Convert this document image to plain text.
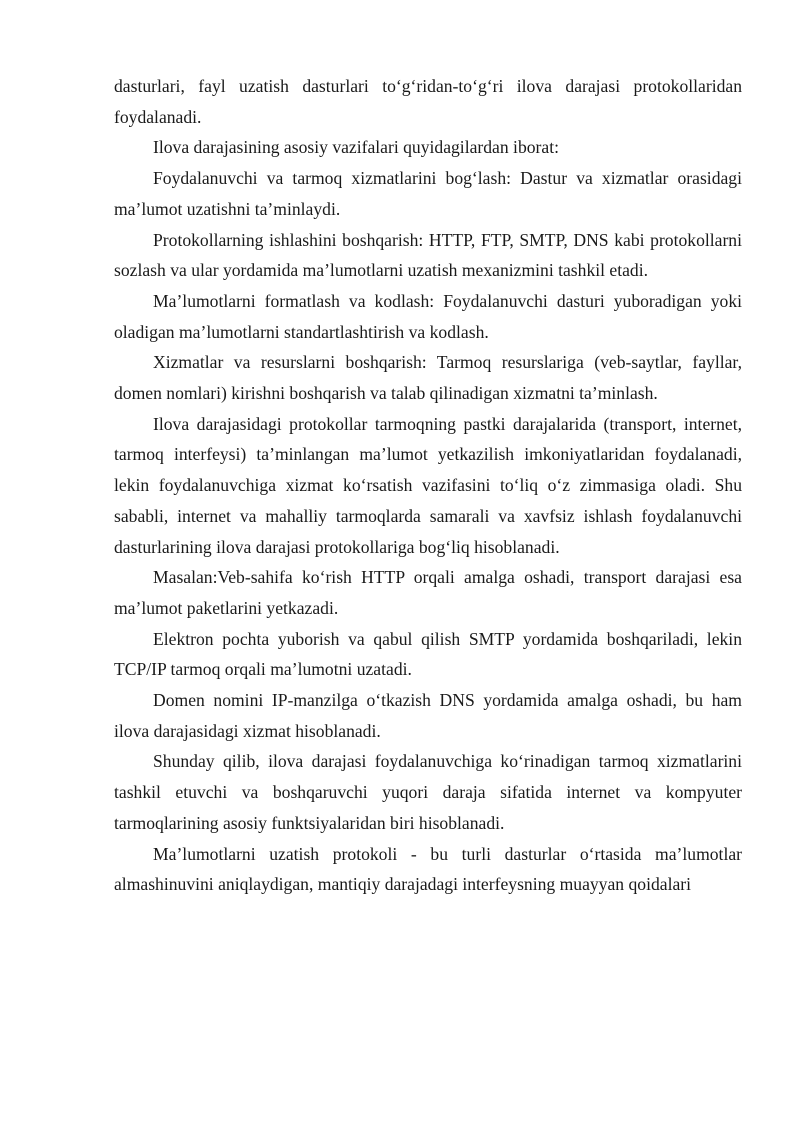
dasturlari, fayl uzatish dasturlari to‘g‘ridan-to‘g‘ri ilova darajasi protokollaridan foydalanadi.

Ilova darajasining asosiy vazifalari quyidagilardan iborat:

Foydalanuvchi va tarmoq xizmatlarini bog‘lash: Dastur va xizmatlar orasidagi ma’lumot uzatishni ta’minlaydi.

Protokollarning ishlashini boshqarish: HTTP, FTP, SMTP, DNS kabi protokollarni sozlash va ular yordamida ma’lumotlarni uzatish mexanizmini tashkil etadi.

Ma’lumotlarni formatlash va kodlash: Foydalanuvchi dasturi yuboradigan yoki oladigan ma’lumotlarni standartlashtirish va kodlash.

Xizmatlar va resurslarni boshqarish: Tarmoq resurslariga (veb-saytlar, fayllar, domen nomlari) kirishni boshqarish va talab qilinadigan xizmatni ta’minlash.

Ilova darajasidagi protokollar tarmoqning pastki darajalarida (transport, internet, tarmoq interfeysi) ta’minlangan ma’lumot yetkazilish imkoniyatlaridan foydalanadi, lekin foydalanuvchiga xizmat ko‘rsatish vazifasini to‘liq o‘z zimmasiga oladi. Shu sababli, internet va mahalliy tarmoqlarda samarali va xavfsiz ishlash foydalanuvchi dasturlarining ilova darajasi protokollariga bog‘liq hisoblanadi.

Masalan:Veb-sahifa ko‘rish HTTP orqali amalga oshadi, transport darajasi esa ma’lumot paketlarini yetkazadi.

Elektron pochta yuborish va qabul qilish SMTP yordamida boshqariladi, lekin TCP/IP tarmoq orqali ma’lumotni uzatadi.

Domen nomini IP-manzilga o‘tkazish DNS yordamida amalga oshadi, bu ham ilova darajasidagi xizmat hisoblanadi.

Shunday qilib, ilova darajasi foydalanuvchiga ko‘rinadigan tarmoq xizmatlarini tashkil etuvchi va boshqaruvchi yuqori daraja sifatida internet va kompyuter tarmoqlarining asosiy funktsiyalaridan biri hisoblanadi.

Ma’lumotlarni uzatish protokoli - bu turli dasturlar o‘rtasida ma’lumotlar almashinuvini aniqlaydigan, mantiqiy darajadagi interfeysning muayyan qoidalari
